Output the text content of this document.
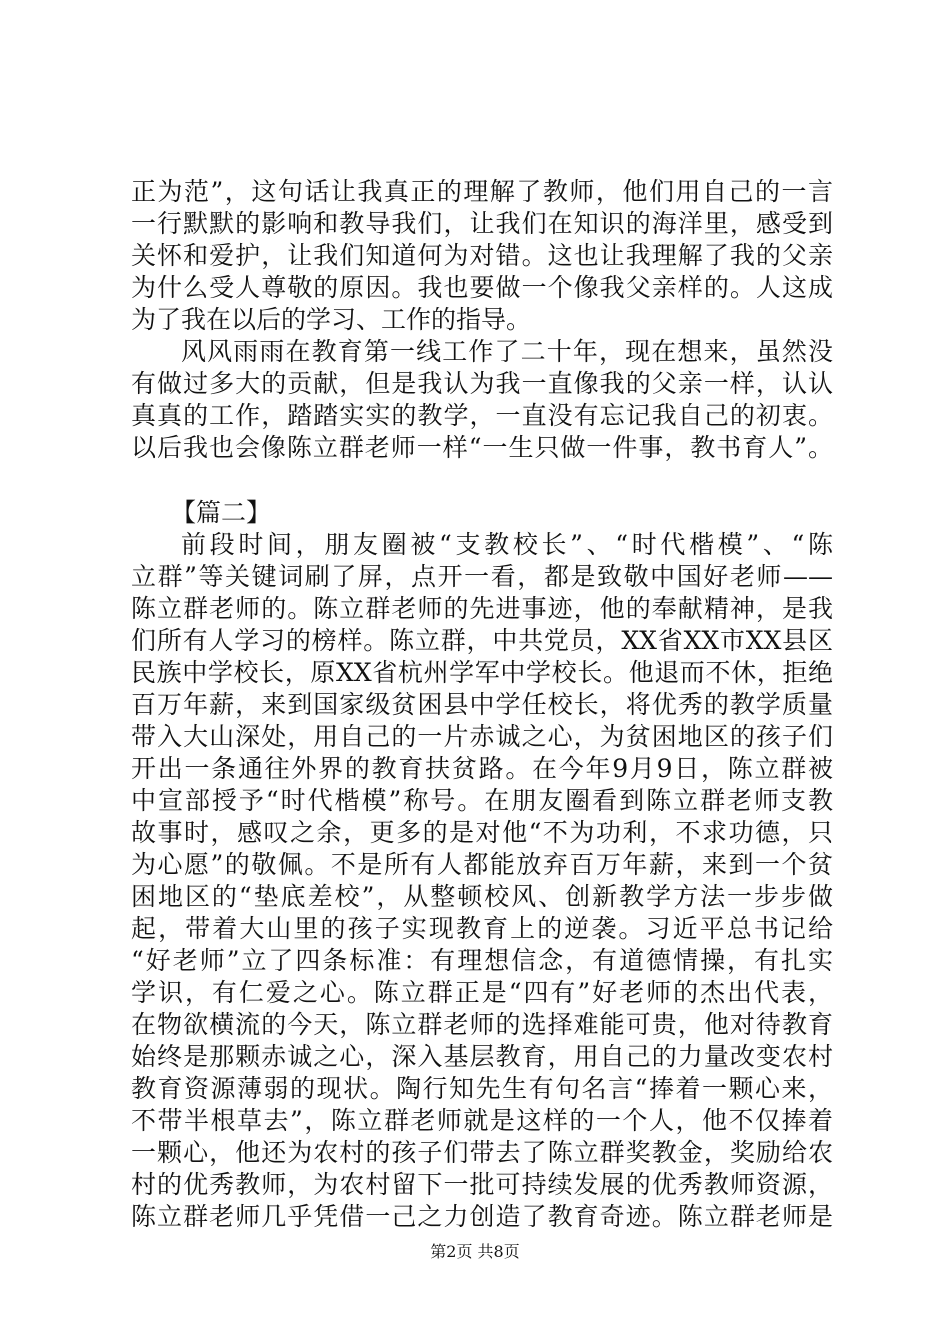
正为范”，这句话让我真正的理解了教师，他们用自己的一言
一行默默的影响和教导我们，让我们在知识的海洋里，感受到
关怀和爱护，让我们知道何为对错。这也让我理解了我的父亲
为什么受人尊敬的原因。我也要做一个像我父亲样的。人这成
为了我在以后的学习、工作的指导。
风风雨雨在教育第一线工作了二十年，现在想来，虽然没
有做过多大的贡献，但是我认为我一直像我的父亲一样，认认
真真的工作，踏踏实实的教学，一直没有忘记我自己的初衷。
以后我也会像陈立群老师一样“一生只做一件事，教书育人”。
【篇二】
前段时间，朋友圈被“支教校长”、“时代楷模”、“陈
立群”等关键词刷了屏，点开一看，都是致敬中国好老师——
陈立群老师的。陈立群老师的先进事迹，他的奉献精神，是我
们所有人学习的榜样。陈立群，中共党员，XX省XX市XX县区
民族中学校长，原XX省杭州学军中学校长。他退而不休，拒绝
百万年薪，来到国家级贫困县中学任校长，将优秀的教学质量
带入大山深处，用自己的一片赤诚之心，为贫困地区的孩子们
开出一条通往外界的教育扶贫路。在今年9月9日，陈立群被
中宣部授予“时代楷模”称号。在朋友圈看到陈立群老师支教
故事时，感叹之余，更多的是对他“不为功利，不求功德，只
为心愿”的敬佩。不是所有人都能放弃百万年薪，来到一个贫
困地区的“垫底差校”，从整顿校风、创新教学方法一步步做
起，带着大山里的孩子实现教育上的逆袭。习近平总书记给
“好老师”立了四条标准：有理想信念，有道德情操，有扎实
学识，有仁爱之心。陈立群正是“四有”好老师的杰出代表，
在物欲横流的今天，陈立群老师的选择难能可贵，他对待教育
始终是那颗赤诚之心，深入基层教育，用自己的力量改变农村
教育资源薄弱的现状。陶行知先生有句名言“捧着一颗心来，
不带半根草去”，陈立群老师就是这样的一个人，他不仅捧着
一颗心，他还为农村的孩子们带去了陈立群奖教金，奖励给农
村的优秀教师，为农村留下一批可持续发展的优秀教师资源，
陈立群老师几乎凭借一己之力创造了教育奇迹。陈立群老师是
第2页 共8页
